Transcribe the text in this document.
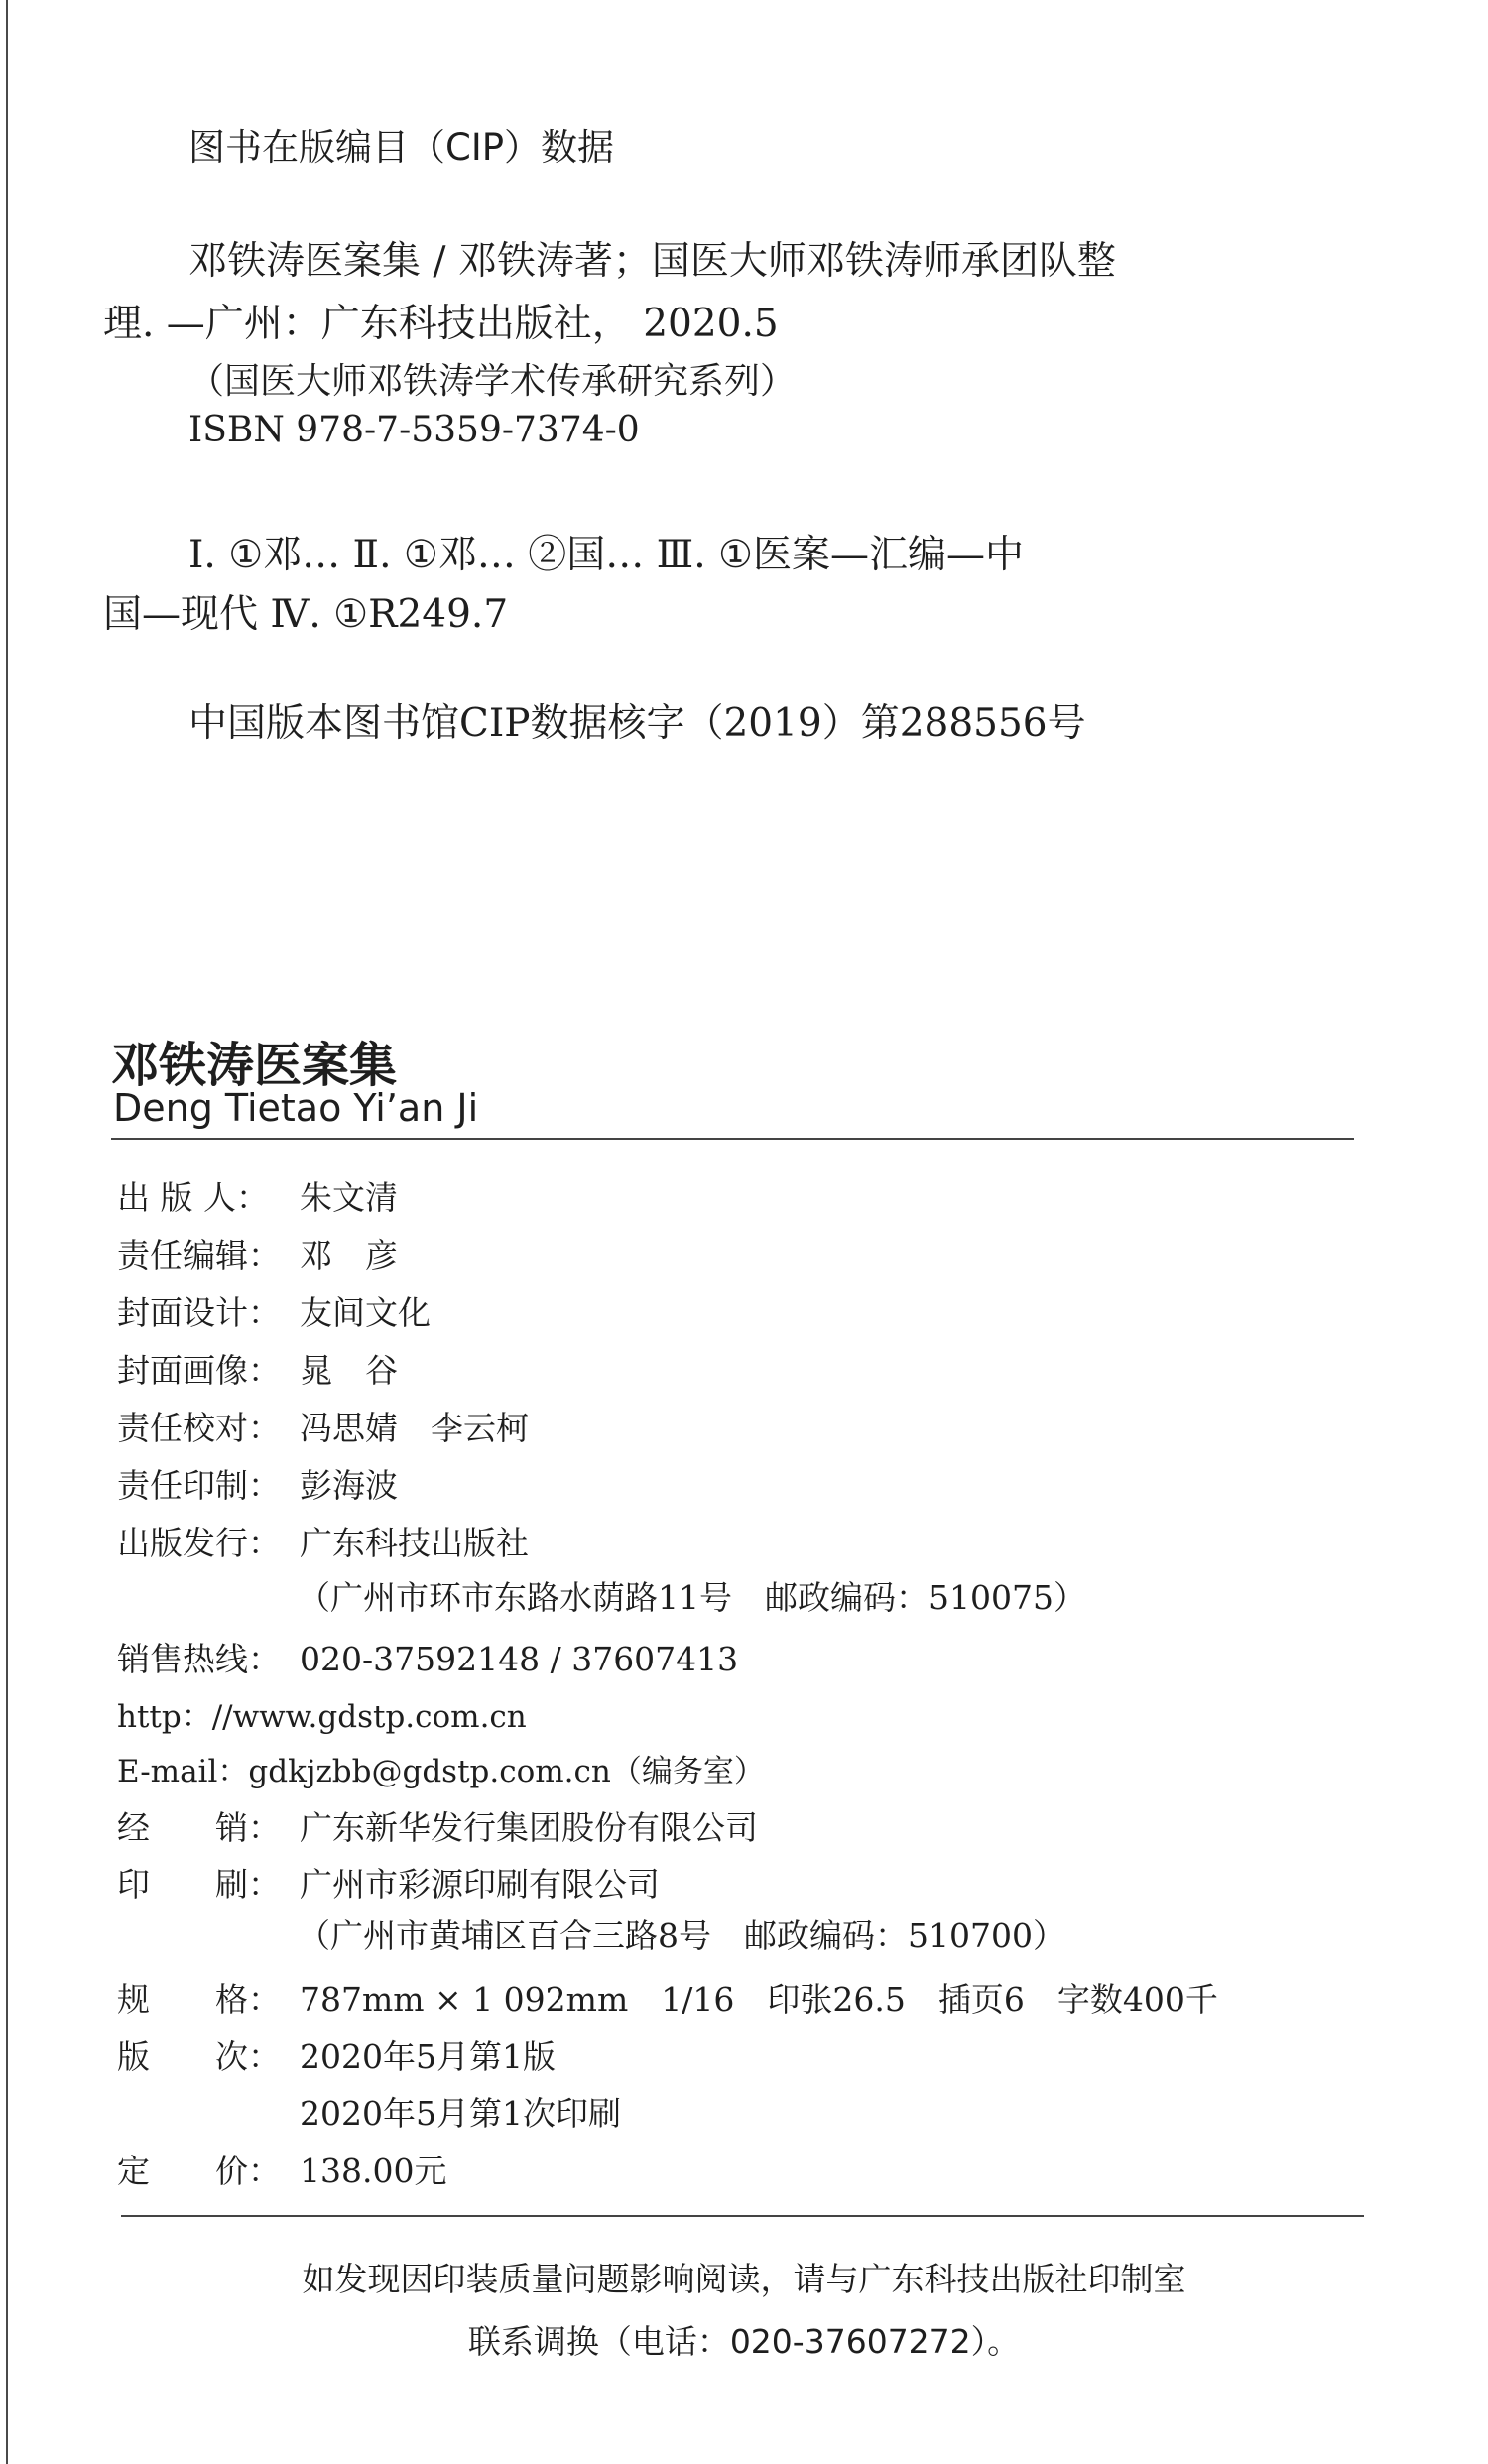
图书在版编目（CIP）数据
邓铁涛医案集 / 邓铁涛著；国医大师邓铁涛师承团队整
理. —广州：广东科技出版社， 2020.5
（国医大师邓铁涛学术传承研究系列）
ISBN 978-7-5359-7374-0
Ⅰ. ①邓… Ⅱ. ①邓… ②国… Ⅲ. ①医案—汇编—中
国—现代 Ⅳ. ①R249.7
中国版本图书馆CIP数据核字（2019）第288556号
邓铁涛医案集
Deng Tietao Yi’an Ji
出 版 人： 朱文清
责任编辑： 邓　彦
封面设计： 友间文化
封面画像： 晁　谷
责任校对： 冯思婧　李云柯
责任印制： 彭海波
出版发行： 广东科技出版社
（广州市环市东路水荫路11号　邮政编码：510075）
销售热线： 020-37592148 / 37607413
http：//www.gdstp.com.cn
E-mail：gdkjzbb@gdstp.com.cn（编务室）
经　　销： 广东新华发行集团股份有限公司
印　　刷： 广州市彩源印刷有限公司
（广州市黄埔区百合三路8号　邮政编码：510700）
规　　格： 787mm × 1 092mm　1/16　印张26.5　插页6　字数400千
版　　次： 2020年5月第1版
2020年5月第1次印刷
定　　价： 138.00元
如发现因印装质量问题影响阅读，请与广东科技出版社印制室
联系调换（电话：020-37607272）。
